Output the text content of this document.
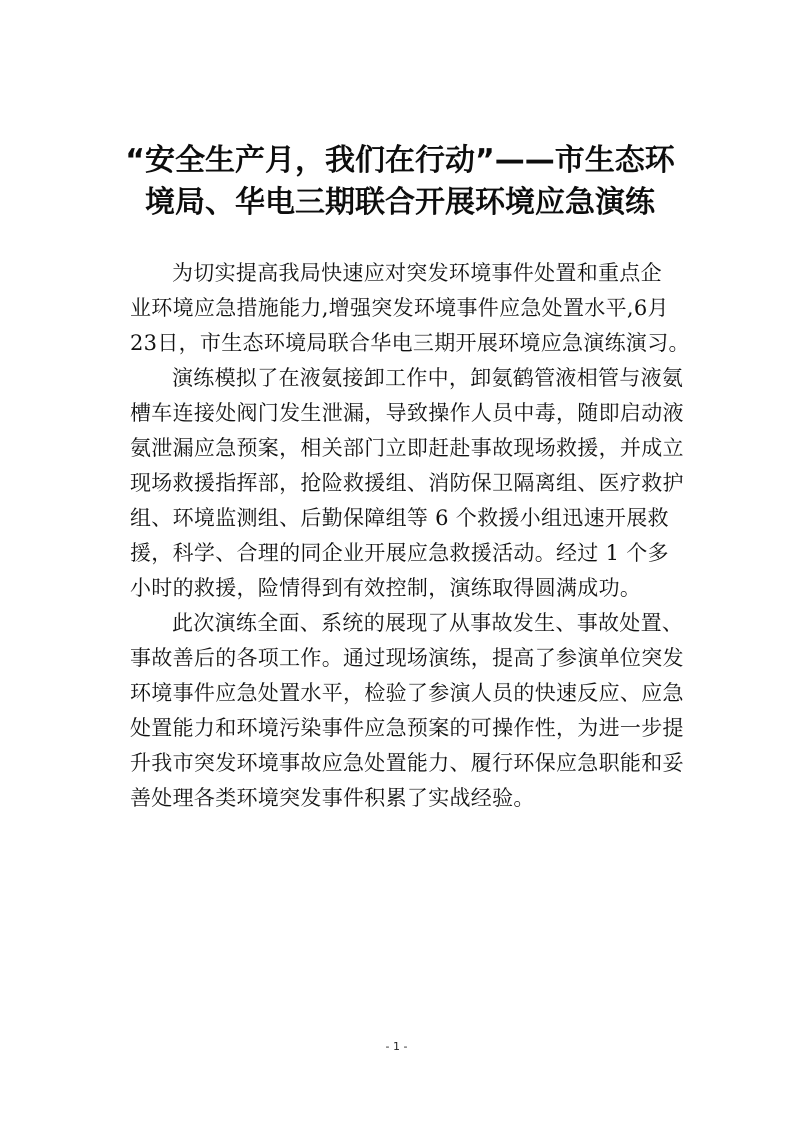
“安全生产月，我们在行动”——市生态环
境局、华电三期联合开展环境应急演练

为切实提高我局快速应对突发环境事件处置和重点企
业环境应急措施能力,增强突发环境事件应急处置水平,6月
23日，市生态环境局联合华电三期开展环境应急演练演习。

演练模拟了在液氨接卸工作中，卸氨鹤管液相管与液氨
槽车连接处阀门发生泄漏，导致操作人员中毒，随即启动液
氨泄漏应急预案，相关部门立即赶赴事故现场救援，并成立
现场救援指挥部，抢险救援组、消防保卫隔离组、医疗救护
组、环境监测组、后勤保障组等 6 个救援小组迅速开展救
援，科学、合理的同企业开展应急救援活动。经过 1 个多
小时的救援，险情得到有效控制，演练取得圆满成功。

此次演练全面、系统的展现了从事故发生、事故处置、
事故善后的各项工作。通过现场演练，提高了参演单位突发
环境事件应急处置水平，检验了参演人员的快速反应、应急
处置能力和环境污染事件应急预案的可操作性，为进一步提
升我市突发环境事故应急处置能力、履行环保应急职能和妥
善处理各类环境突发事件积累了实战经验。

- 1 -
